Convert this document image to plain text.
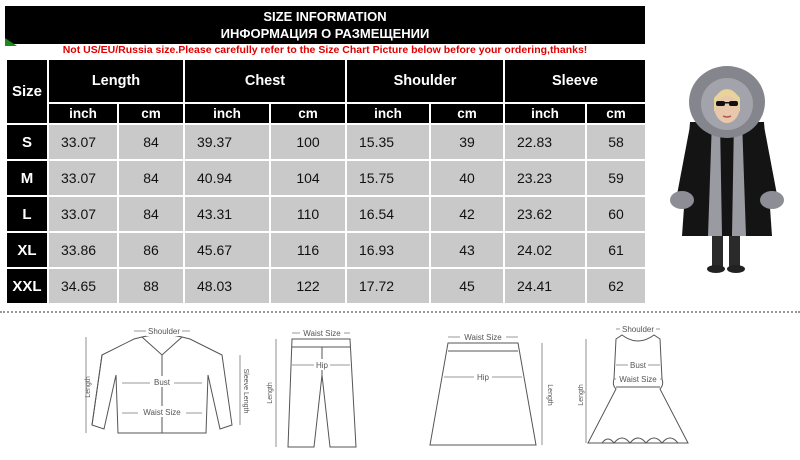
SIZE INFORMATION
ИНФОРМАЦИЯ О РАЗМЕЩЕНИИ
Not US/EU/Russia size.Please carefully refer to the Size Chart Picture below before your ordering,thanks!
Size	Length		Chest		Shoulder		Sleeve	
	inch	cm	inch	cm	inch	cm	inch	cm
S	33.07	84	39.37	100	15.35	39	22.83	58
M	33.07	84	40.94	104	15.75	40	23.23	59
L	33.07	84	43.31	110	16.54	42	23.62	60
XL	33.86	86	45.67	116	16.93	43	24.02	61
XXL	34.65	88	48.03	122	17.72	45	24.41	62
Shoulder
Bust
Waist Size
Length	Sleeve Length
Waist Size
Hip
Length
Waist Size
Hip
Length
Shoulder
Bust
Waist Size
Length
